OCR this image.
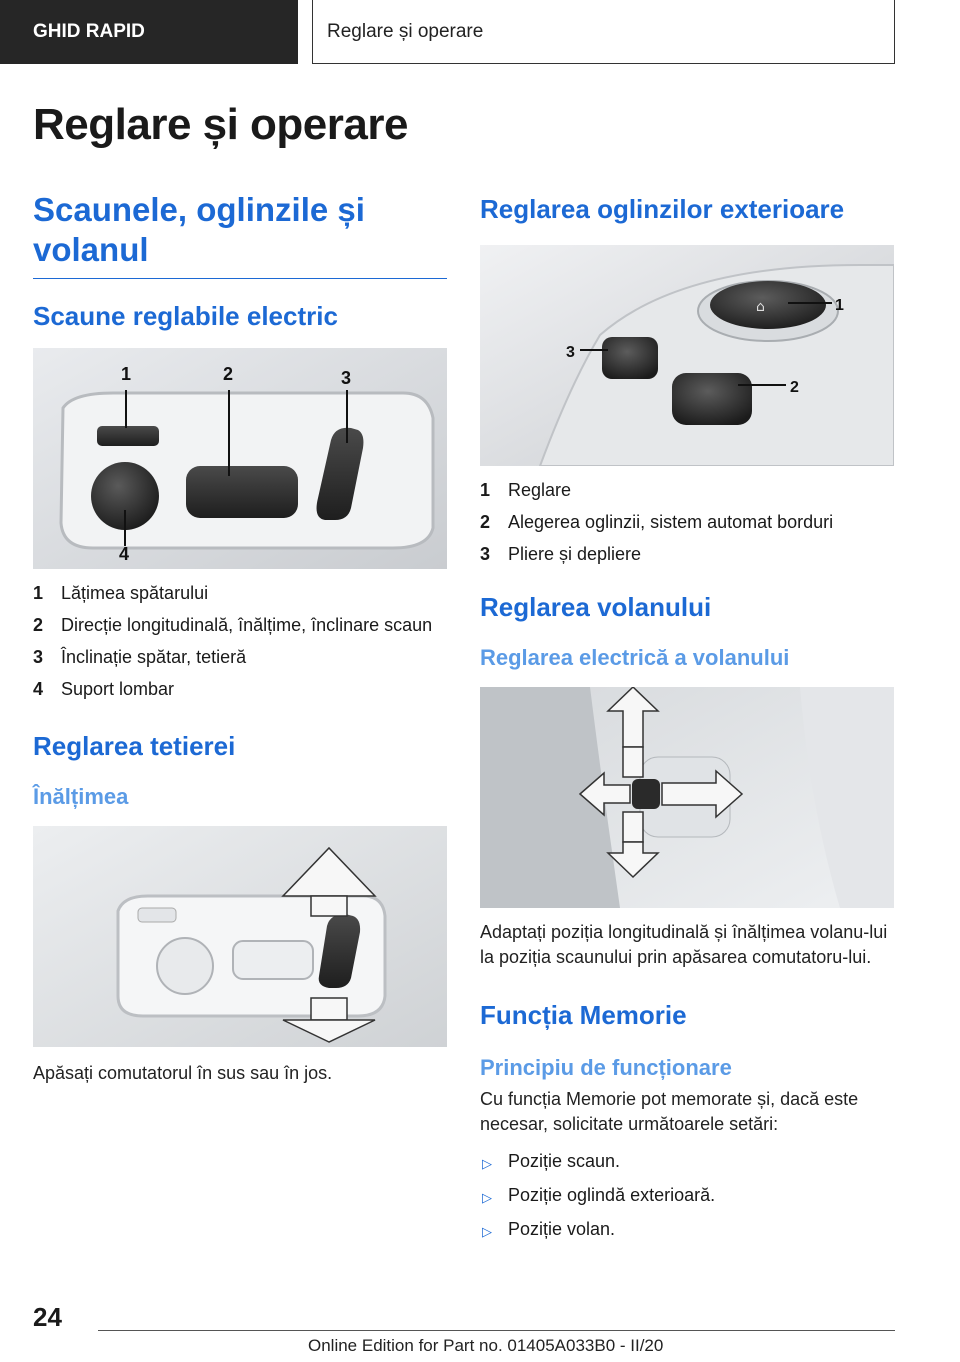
GHID RAPID	Reglare și operare
Reglare și operare
Scaunele, oglinzile și volanul
Scaune reglabile electric
1	2	3
4
1 Lățimea spătarului
2 Direcție longitudinală, înălțime, înclinare scaun
3 Înclinație spătar, tetieră
4 Suport lombar
Reglarea tetierei
Înălțimea

Apăsați comutatorul în sus sau în jos.

Reglarea oglinzilor exterioare
⌂	1
2
3
1 Reglare
2 Alegerea oglinzii, sistem automat borduri
3 Pliere și depliere
Reglarea volanului
Reglarea electrică a volanului

Adaptați poziția longitudinală și înălțimea volanu-lui la poziția scaunului prin apăsarea comutatoru-lui.

Funcția Memorie
Principiu de funcționare

Cu funcția Memorie pot memorate și, dacă este necesar, solicitate următoarele setări:

▷ Poziție scaun.
▷ Poziție oglindă exterioară.
▷ Poziție volan.
24
Online Edition for Part no. 01405A033B0 - II/20
